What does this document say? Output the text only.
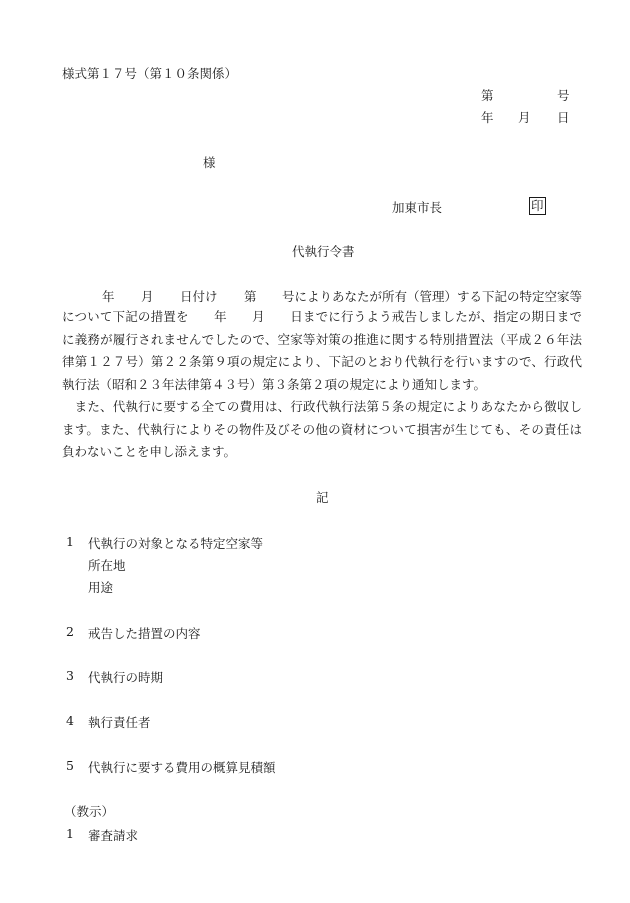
様式第１７号（第１０条関係）
第	号
年 月 日
様
加東市長	印
代執行令書
年 月 日付け 第 号によりあなたが所有（管理）する下記の特定空家等
について下記の措置を　　年　　月　　日までに行うよう戒告しましたが、指定の期日までに義務が履行されませんでしたので、空家等対策の推進に関する特別措置法（平成２６年法律第１２７号）第２２条第９項の規定により、下記のとおり代執行を行いますので、行政代執行法（昭和２３年法律第４３号）第３条第２項の規定により通知します。
　また、代執行に要する全ての費用は、行政代執行法第５条の規定によりあなたから徴収します。また、代執行によりその物件及びその他の資材について損害が生じても、その責任は負わないことを申し添えます。
記
1 代執行の対象となる特定空家等
所在地
用途
2 戒告した措置の内容
3 代執行の時期
4 執行責任者
5 代執行に要する費用の概算見積額
（教示）
1 審査請求
